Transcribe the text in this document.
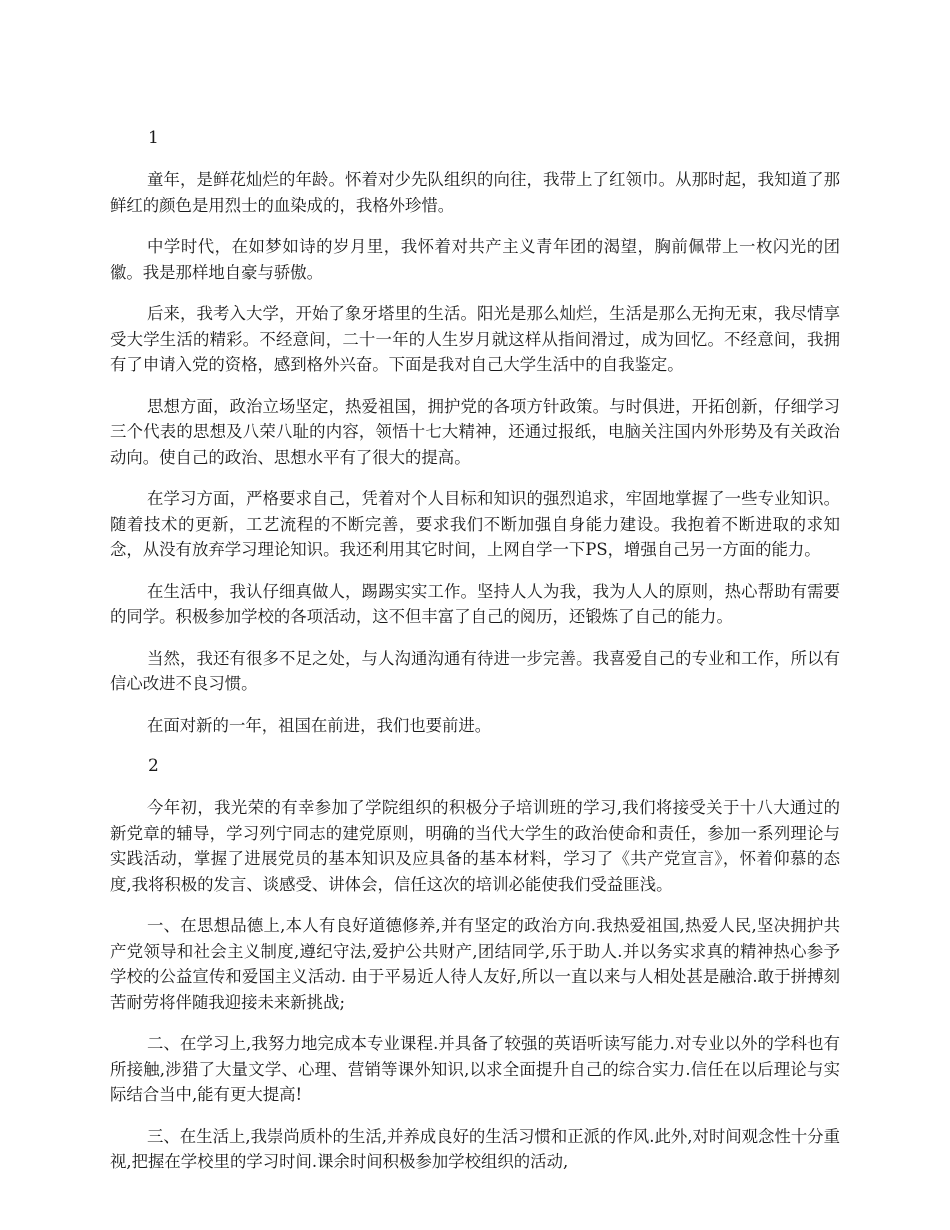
1

童年，是鲜花灿烂的年龄。怀着对少先队组织的向往，我带上了红领巾。从那时起，我知道了那鲜红的颜色是用烈士的血染成的，我格外珍惜。

中学时代，在如梦如诗的岁月里，我怀着对共产主义青年团的渴望，胸前佩带上一枚闪光的团徽。我是那样地自豪与骄傲。

后来，我考入大学，开始了象牙塔里的生活。阳光是那么灿烂，生活是那么无拘无束，我尽情享受大学生活的精彩。不经意间，二十一年的人生岁月就这样从指间滑过，成为回忆。不经意间，我拥有了申请入党的资格，感到格外兴奋。下面是我对自己大学生活中的自我鉴定。

思想方面，政治立场坚定，热爱祖国，拥护党的各项方针政策。与时俱进，开拓创新，仔细学习三个代表的思想及八荣八耻的内容，领悟十七大精神，还通过报纸，电脑关注国内外形势及有关政治动向。使自己的政治、思想水平有了很大的提高。

在学习方面，严格要求自己，凭着对个人目标和知识的强烈追求，牢固地掌握了一些专业知识。随着技术的更新，工艺流程的不断完善，要求我们不断加强自身能力建设。我抱着不断进取的求知念，从没有放弃学习理论知识。我还利用其它时间，上网自学一下PS，增强自己另一方面的能力。

在生活中，我认仔细真做人，踢踢实实工作。坚持人人为我，我为人人的原则，热心帮助有需要的同学。积极参加学校的各项活动，这不但丰富了自己的阅历，还锻炼了自己的能力。

当然，我还有很多不足之处，与人沟通沟通有待进一步完善。我喜爱自己的专业和工作，所以有信心改进不良习惯。

在面对新的一年，祖国在前进，我们也要前进。

2

今年初，我光荣的有幸参加了学院组织的积极分子培训班的学习,我们将接受关于十八大通过的新党章的辅导，学习列宁同志的建党原则，明确的当代大学生的政治使命和责任，参加一系列理论与实践活动，掌握了进展党员的基本知识及应具备的基本材料，学习了《共产党宣言》，怀着仰慕的态度,我将积极的发言、谈感受、讲体会，信任这次的培训必能使我们受益匪浅。

一、在思想品德上,本人有良好道德修养,并有坚定的政治方向.我热爱祖国,热爱人民,坚决拥护共产党领导和社会主义制度,遵纪守法,爱护公共财产,团结同学,乐于助人.并以务实求真的精神热心参予学校的公益宣传和爱国主义活动. 由于平易近人待人友好,所以一直以来与人相处甚是融洽.敢于拼搏刻苦耐劳将伴随我迎接未来新挑战;

二、在学习上,我努力地完成本专业课程.并具备了较强的英语听读写能力.对专业以外的学科也有所接触,涉猎了大量文学、心理、营销等课外知识,以求全面提升自己的综合实力.信任在以后理论与实际结合当中,能有更大提高!

三、在生活上,我崇尚质朴的生活,并养成良好的生活习惯和正派的作风.此外,对时间观念性十分重视,把握在学校里的学习时间.课余时间积极参加学校组织的活动,
